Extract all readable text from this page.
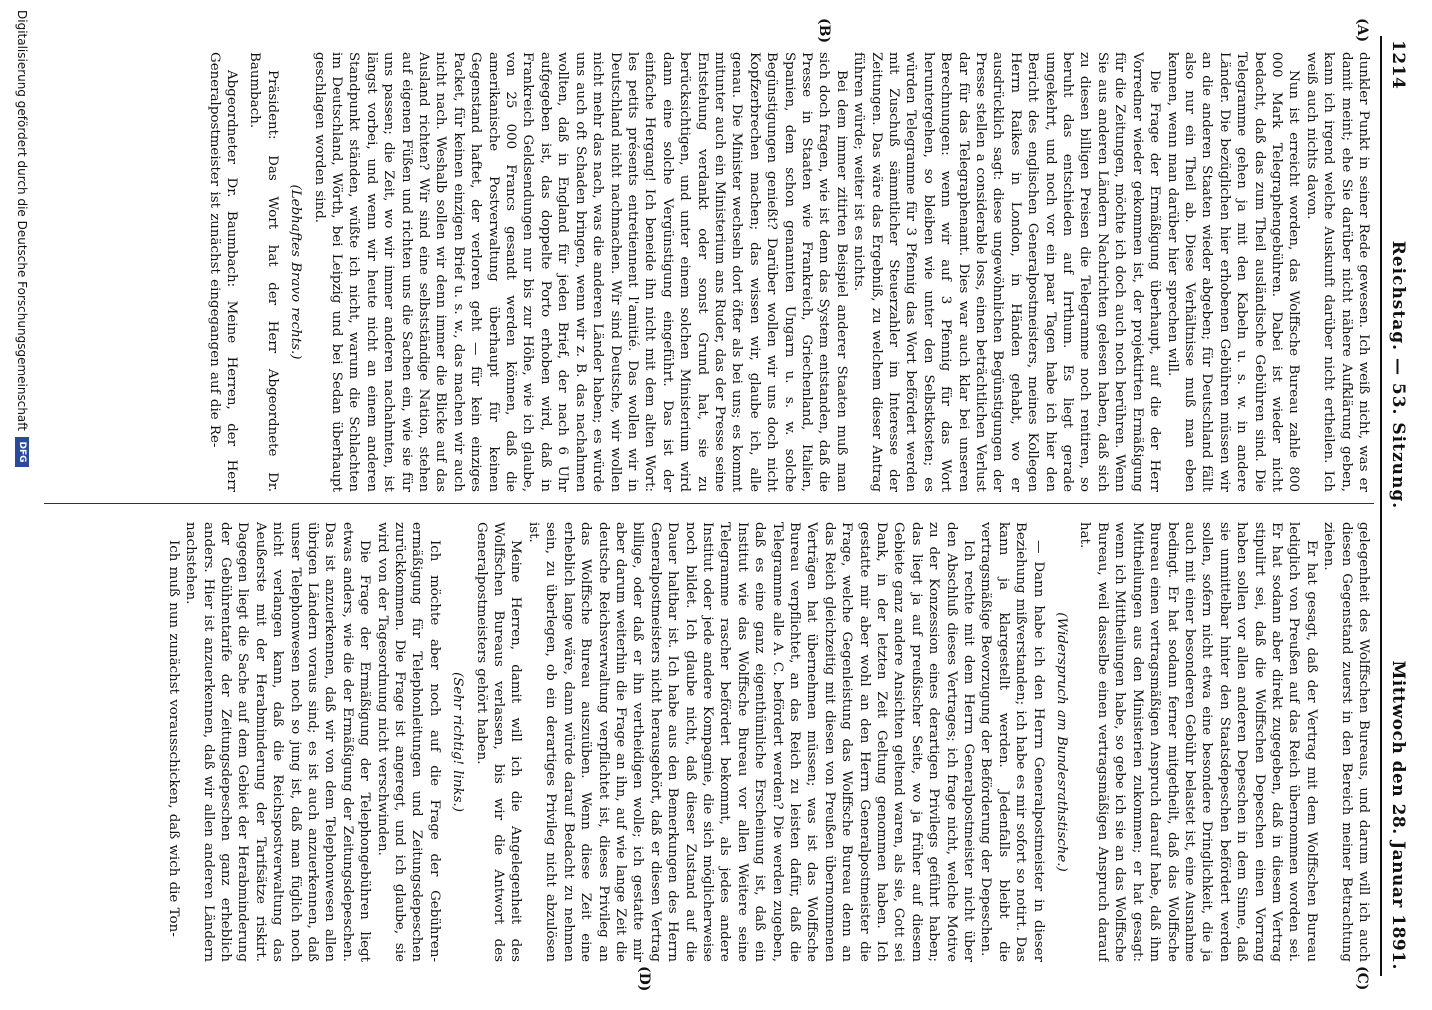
1214
Reichstag. — 53. Sitzung.
Mittwoch den 28. Januar 1891.
(A)
(B)
(C)
(D)

dunkler Punkt in seiner Rede gewesen. Ich weiß nicht, was er damit meint; ehe Sie darüber nicht nähere Aufklärung geben, kann ich irgend welche Auskunft darüber nicht ertheilen. Ich weiß auch nichts davon.

Nun ist erreicht worden, das Wolffsche Bureau zahle 800 000 Mark Telegraphengebühren. Dabei ist wieder nicht bedacht, daß das zum Theil ausländische Gebühren sind. Die Telegramme gehen ja mit den Kabeln u. s. w. in andere Länder. Die bezüglichen hier erhobenen Gebühren müssen wir an die anderen Staaten wieder abgeben; für Deutschland fällt also nur ein Theil ab. Diese Verhältnisse muß man eben kennen, wenn man darüber hier sprechen will.

Die Frage der Ermäßigung überhaupt, auf die der Herr Vorredner wieder gekommen ist, der projektirten Ermäßigung für die Zeitungen, möchte ich doch auch noch berühren. Wenn Sie aus anderen Ländern Nachrichten gelesen haben, daß sich zu diesen billigen Preisen die Telegramme noch rentiren, so beruht das entschieden auf Irrthum. Es liegt gerade umgekehrt, und noch vor ein paar Tagen habe ich hier den Bericht des englischen Generalpostmeisters, meines Kollegen Herrn Raikes in London, in Händen gehabt, wo er ausdrücklich sagt: diese ungewöhnlichen Begünstigungen der Presse stellen a considerable loss, einen beträchtlichen Verlust dar für das Telegraphenamt. Dies war auch klar bei unseren Berechnungen: wenn wir auf 3 Pfennig für das Wort heruntergehen, so bleiben wie unter den Selbstkosten; es würden Telegramme für 3 Pfennig das Wort befördert werden mit Zuschuß sämmtlicher Steuerzahler im Interesse der Zeitungen. Das wäre das Ergebniß, zu welchem dieser Antrag führen würde; weiter ist es nichts.

Bei dem immer zitirten Beispiel anderer Staaten muß man sich doch fragen, wie ist denn das System entstanden, daß die Presse in Staaten wie Frankreich, Griechenland, Italien, Spanien, dem schon genannten Ungarn u. s. w. solche Begünstigungen genießt? Darüber wollen wir uns doch nicht Kopfzerbrechen machen; das wissen wir, glaube ich, alle genau. Die Minister wechseln dort öfter als bei uns; es kommt mitunter auch ein Ministerium ans Ruder, das der Presse seine Entstehung verdankt oder sonst Grund hat, sie zu berücksichtigen, und unter einem solchen Ministerium wird dann eine solche Vergünstigung eingeführt. Das ist der einfache Hergang! Ich beneide ihn nicht mit dem alten Wort: les petits présents entretiennent l'amitié. Das wollen wir in Deutschland nicht nachmachen. Wir sind Deutsche, wir wollen nicht mehr das nach, was die anderen Länder haben; es würde uns auch oft Schaden bringen, wenn wir z. B. das nachahmen wollten, daß in England für jeden Brief, der nach 6 Uhr aufgegeben ist, das doppelte Porto erhoben wird, daß in Frankreich Geldsendungen nur bis zur Höhe, wie ich glaube, von 25 000 Francs gesandt werden können, daß die amerikanische Postverwaltung überhaupt für keinen Gegenstand haftet, der verloren geht — für kein einziges Packet, für keinen einzigen Brief u. s. w., das machen wir auch nicht nach. Weshalb sollen wir denn immer die Blicke auf das Ausland richten? Wir sind eine selbstständige Nation, stehen auf eigenen Füßen und richten uns die Sachen ein, wie sie für uns passen; die Zeit, wo wir immer anderen nachahmten, ist längst vorbei, und wenn wir heute nicht an einem anderen Standpunkt ständen, wüßte ich nicht, warum die Schlachten im Deutschland, Wörth, bei Leipzig und bei Sedan überhaupt geschlagen worden sind.

(Lebhaftes Bravo rechts.)

Präsident: Das Wort hat der Herr Abgeordnete Dr. Baumbach.

Abgeordneter Dr. Baumbach: Meine Herren, der Herr Generalpostmeister ist zunächst eingegangen auf die Re-

gelegenheit des Wolffschen Bureaus, und darum will ich auch diesen Gegenstand zuerst in den Bereich meiner Betrachtung ziehen.

Er hat gesagt, daß der Vertrag mit dem Wolffschen Bureau lediglich von Preußen auf das Reich übernommen worden sei. Er hat sodann aber direkt zugegeben, daß in diesem Vertrag stipulirt sei, daß die Wolffschen Depeschen einen Vorrang haben sollen vor allen anderen Depeschen in dem Sinne, daß sie unmittelbar hinter den Staatsdepeschen befördert werden sollen, sofern nicht etwa eine besondere Dringlichkeit, die ja auch mit einer besonderen Gebühr belastet ist, eine Ausnahme bedingt. Er hat sodann ferner mitgetheilt, daß das Wolffsche Bureau einen vertragsmäßigen Anspruch darauf habe, daß ihm Mittheilungen aus den Ministerien zukommen; er hat gesagt: wenn ich Mittheilungen habe, so gebe ich sie an das Wolffsche Bureau, weil dasselbe einen vertragsmäßigen Anspruch darauf hat.

(Widerspruch am Bundesrathstische.)

— Dann habe ich den Herrn Generalpostmeister in dieser Beziehung mißverstanden; ich habe es mir sofort so notirt. Das kann ja klargestellt werden. Jedenfalls bleibt die vertragsmäßige Bevorzugung der Beförderung der Depeschen.

Ich rechte mit dem Herrn Generalpostmeister nicht über den Abschluß dieses Vertrages; ich frage nicht, welche Motive zu der Konzession eines derartigen Privilegs geführt haben; das liegt ja auf preußischer Seite, wo ja früher auf diesem Gebiete ganz andere Ansichten geltend waren, als sie, Gott sei Dank, in der letzten Zeit Geltung genommen haben. Ich gestatte mir aber wohl an den Herrn Generalpostmeister die Frage, welche Gegenleistung das Wolffsche Bureau denn an das Reich gleichzeitig mit diesen von Preußen übernommenen Verträgen hat übernehmen müssen; was ist das Wolffsche Bureau verpflichtet, an das Reich zu leisten dafür, daß die Telegramme alle A. C. befördert werden? Die werden zugeben, daß es eine ganz eigenthümliche Erscheinung ist, daß ein Institut wie das Wolffsche Bureau vor allen Weitere seine Telegramme rascher befördert bekommt, als jedes andere Institut oder jede andere Kompagnie, die sich möglicherweise noch bildet. Ich glaube nicht, daß dieser Zustand auf die Dauer haltbar ist. Ich habe aus den Bemerkungen des Herrn Generalpostmeisters nicht herausgehört, daß er diesen Vertrag billige, oder daß er ihn vertheidigen wolle; ich gestatte mir aber darum weiterhin die Frage an ihn, auf wie lange Zeit die deutsche Reichsverwaltung verpflichtet ist, dieses Privileg an das Wolffsche Bureau auszuüben. Wenn diese Zeit eine erheblich lange wäre, dann würde darauf Bedacht zu nehmen sein, zu überlegen, ob ein derartiges Privileg nicht abzulösen ist.

Meine Herren, damit will ich die Angelegenheit des Wolffschen Bureaus verlassen, bis wir die Antwort des Generalpostmeisters gehört haben.

(Sehr richtig! links.)

Ich möchte aber noch auf die Frage der Gebühren-ermäßigung für Telephonleitungen und Zeitungsdepeschen zurückkommen. Die Frage ist angeregt, und ich glaube, sie wird von der Tagesordnung nicht verschwinden.

Die Frage der Ermäßigung der Telephongebühren liegt etwas anders, wie die der Ermäßigung der Zeitungsdepeschen. Das ist anzuerkennen, daß wir von dem Telephonwesen allen übrigen Ländern voraus sind; es ist auch anzuerkennen, daß unser Telephonwesen noch so jung ist, daß man füglich noch nicht verlangen kann, daß die Reichspostverwaltung das Aeußerste mit der Herabminderung der Tarifsätze riskirt. Dagegen liegt die Sache auf dem Gebiet der Herabminderung der Gebührentarife der Zeitungsdepeschen ganz erheblich anders. Hier ist anzuerkennen, daß wir allen anderen Ländern nachstehen.

Ich muß nun zunächst vorausschicken, daß wich die Ton-

Digitalisierung gefördert durch die Deutsche Forschungsgemeinschaft
DFG
